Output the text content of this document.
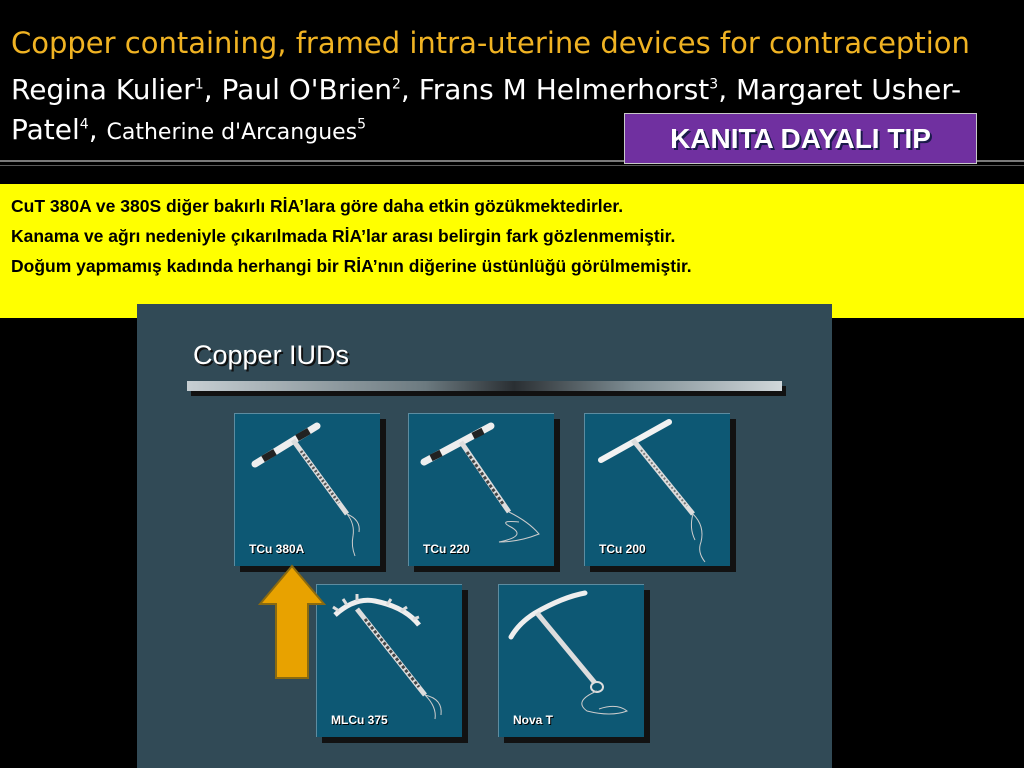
Copper containing, framed intra-uterine devices for contraception
Regina Kulier$^1$, Paul O'Brien$^2$, Frans M Helmerhorst$^3$, Margaret Usher-Patel$^4$, Catherine d'Arcangues$^5$	KANITA DAYALI TIP
CuT 380A ve 380S diğer bakırlı RİA’lara göre daha etkin gözükmektedirler.
Kanama ve ağrı nedeniyle çıkarılmada RİA’lar arası belirgin fark gözlenmemiştir.
Doğum yapmamış kadında herhangi bir RİA’nın diğerine üstünlüğü görülmemiştir.
Copper IUDs
TCu 380A	TCu 220	TCu 200
MLCu 375	Nova T
